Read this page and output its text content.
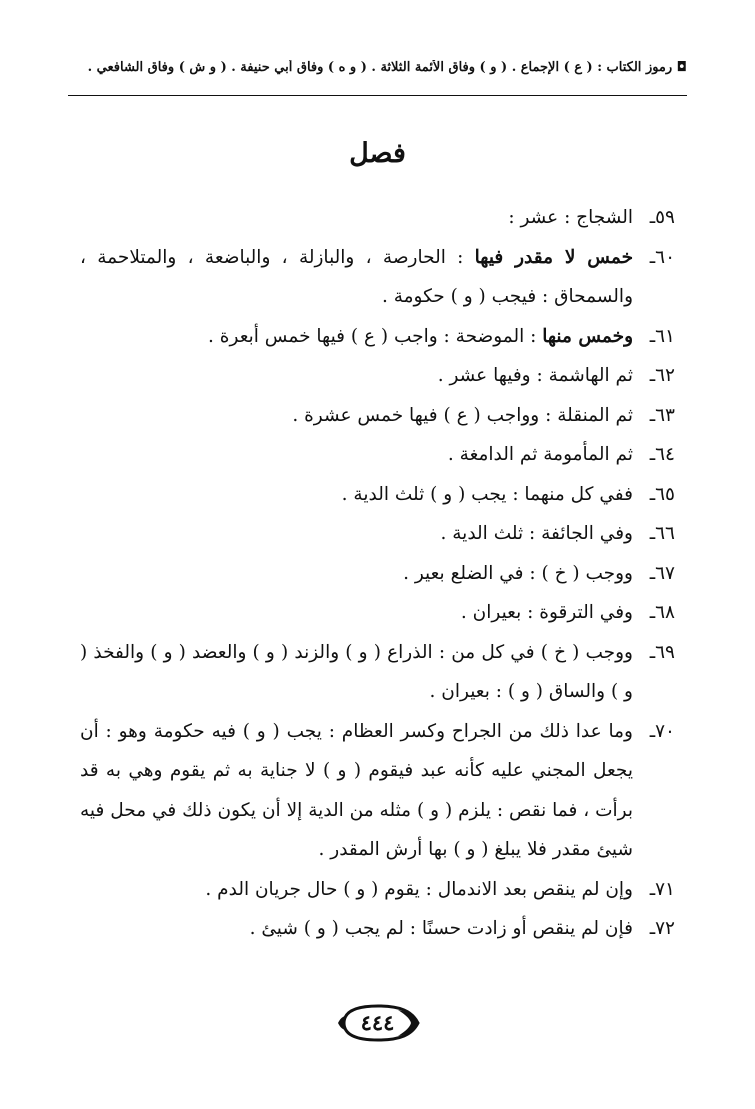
◘ رموز الكتاب : ( ع ) الإجماع . ( و ) وفاق الأئمة الثلاثة . ( و ه ) وفاق أبي حنيفة . ( و ش ) وفاق الشافعي .
فصل

٥٩ـالشجاج : عشر :

٦٠ـخمس لا مقدر فيها : الحارصة ، والبازلة ، والباضعة ، والمتلاحمة ، والسمحاق : فيجب ( و ) حكومة .

٦١ـوخمس منها : الموضحة : واجب ( ع ) فيها خمس أبعرة .

٦٢ـثم الهاشمة : وفيها عشر .

٦٣ـثم المنقلة : وواجب ( ع ) فيها خمس عشرة .

٦٤ـثم المأمومة ثم الدامغة .

٦٥ـففي كل منهما : يجب ( و ) ثلث الدية .

٦٦ـوفي الجائفة : ثلث الدية .

٦٧ـووجب ( خ ) : في الضلع بعير .

٦٨ـوفي الترقوة : بعيران .

٦٩ـووجب ( خ ) في كل من : الذراع ( و ) والزند ( و ) والعضد ( و ) والفخذ ( و ) والساق ( و ) : بعيران .

٧٠ـوما عدا ذلك من الجراح وكسر العظام : يجب ( و ) فيه حكومة وهو : أن يجعل المجني عليه كأنه عبد فيقوم ( و ) لا جناية به ثم يقوم وهي به قد برأت ، فما نقص : يلزم ( و ) مثله من الدية إلا أن يكون ذلك في محل فيه شيئ مقدر فلا يبلغ ( و ) بها أرش المقدر .

٧١ـوإن لم ينقص بعد الاندمال : يقوم ( و ) حال جريان الدم .

٧٢ـفإن لم ينقص أو زادت حسنًا : لم يجب ( و ) شيئ .

٤٤٤
